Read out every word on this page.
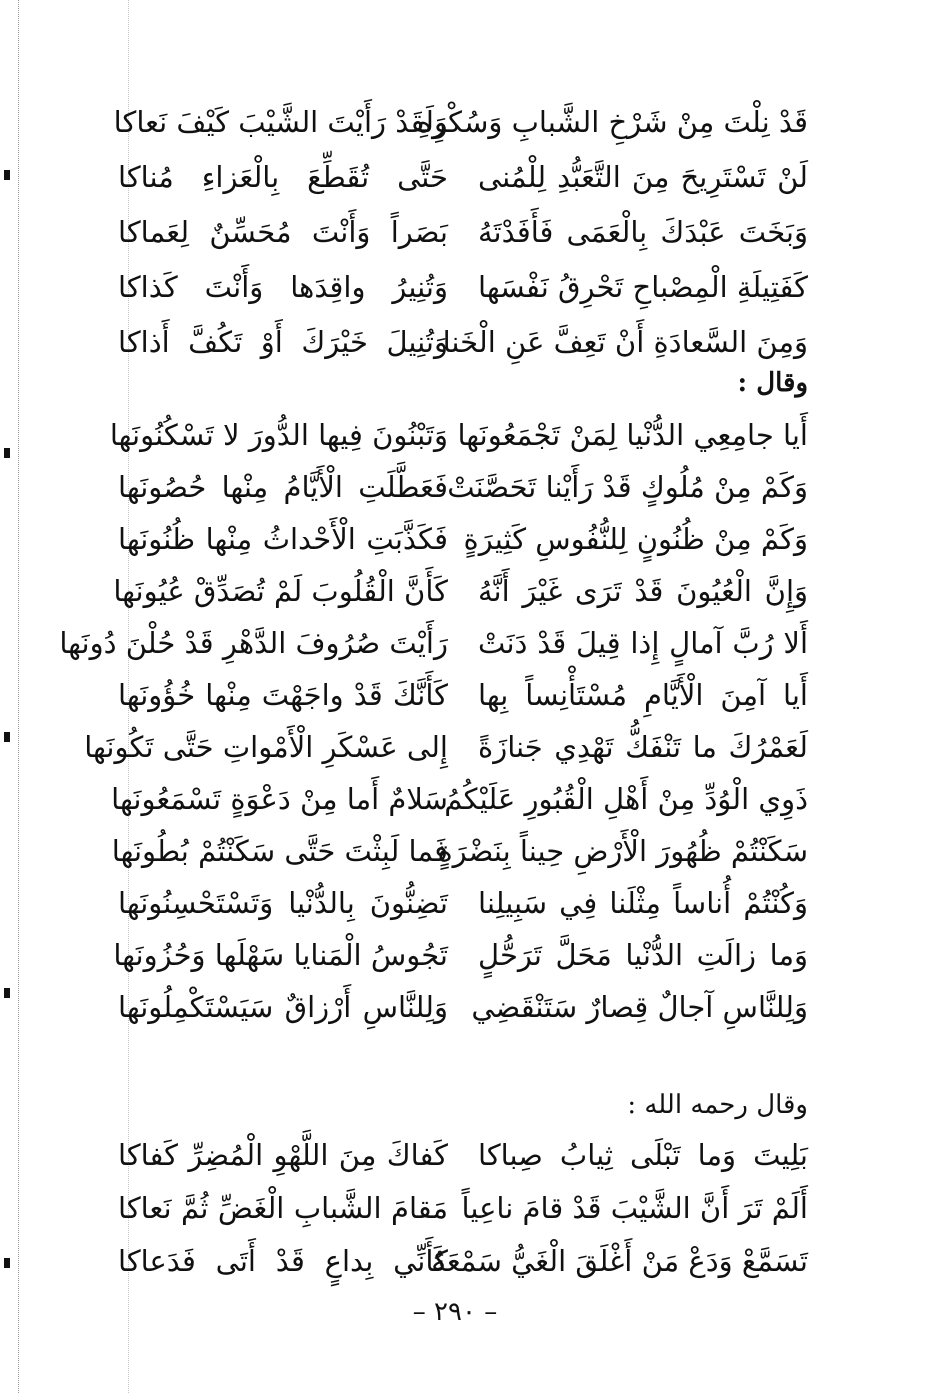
قَدْ نِلْتَ مِنْ شَرْخِ الشَّبابِ وَسُكْرِهِ
وَلَقَدْ رَأَيْتَ الشَّيْبَ كَيْفَ نَعاكا
لَنْ تَسْتَرِيحَ مِنَ التَّعَبُّدِ لِلْمُنى
حَتَّى تُقَطِّعَ بِالْعَزاءِ مُناكا
وَبَخَتَ عَبْدَكَ بِالْعَمَى فَأَفَدْتَهُ
بَصَراً وَأَنْتَ مُحَسِّنٌ لِعَماكا
كَفَتِيلَةِ الْمِصْباحِ تَحْرِقُ نَفْسَها
وَتُنِيرُ واقِدَها وَأَنْتَ كَذاكا
وَمِنَ السَّعادَةِ أَنْ تَعِفَّ عَنِ الْخَنا
وَتُنِيلَ خَيْرَكَ أَوْ تَكُفَّ أَذاكا
وقال :
أَيا جامِعِي الدُّنْيا لِمَنْ تَجْمَعُونَها
وَتَبْنُونَ فِيها الدُّورَ لا تَسْكُنُونَها
وَكَمْ مِنْ مُلُوكٍ قَدْ رَأَيْنا تَحَصَّنَتْ
فَعَطَّلَتِ الْأَيَّامُ مِنْها حُصُونَها
وَكَمْ مِنْ ظُنُونٍ لِلنُّفُوسِ كَثِيرَةٍ
فَكَذَّبَتِ الْأَحْداثُ مِنْها ظُنُونَها
وَإِنَّ الْعُيُونَ قَدْ تَرَى غَيْرَ أَنَّهُ
كَأَنَّ الْقُلُوبَ لَمْ تُصَدِّقْ عُيُونَها
أَلا رُبَّ آمالٍ إِذا قِيلَ قَدْ دَنَتْ
رَأَيْتَ صُرُوفَ الدَّهْرِ قَدْ حُلْنَ دُونَها
أَيا آمِنَ الْأَيَّامِ مُسْتَأْنِساً بِها
كَأَنَّكَ قَدْ واجَهْتَ مِنْها خُؤُونَها
لَعَمْرُكَ ما تَنْفَكُّ تَهْدِي جَنازَةً
إِلى عَسْكَرِ الْأَمْواتِ حَتَّى تَكُونَها
ذَوِي الْوُدِّ مِنْ أَهْلِ الْقُبُورِ عَلَيْكُمُ
سَلامٌ أَما مِنْ دَعْوَةٍ تَسْمَعُونَها
سَكَنْتُمْ ظُهُورَ الْأَرْضِ حِيناً بِنَضْرَةٍ
فَما لَبِثْتَ حَتَّى سَكَنْتُمْ بُطُونَها
وَكُنْتُمْ أُناساً مِثْلَنا فِي سَبِيلِنا
تَضِنُّونَ بِالدُّنْيا وَتَسْتَحْسِنُونَها
وَما زالَتِ الدُّنْيا مَحَلَّ تَرَحُّلٍ
تَجُوسُ الْمَنايا سَهْلَها وَحُزُونَها
وَلِلنَّاسِ آجالٌ قِصارٌ سَتَنْقَضِي
وَلِلنَّاسِ أَرْزاقٌ سَيَسْتَكْمِلُونَها
وقال رحمه الله :
بَلِيتَ وَما تَبْلَى ثِيابُ صِباكا
كَفاكَ مِنَ اللَّهْوِ الْمُضِرِّ كَفاكا
أَلَمْ تَرَ أَنَّ الشَّيْبَ قَدْ قامَ ناعِياً
مَقامَ الشَّبابِ الْغَضِّ ثُمَّ نَعاكا
تَسَمَّعْ وَدَعْ مَنْ أَغْلَقَ الْغَيُّ سَمْعَهُ
كَأَنِّي بِداعٍ قَدْ أَتَى فَدَعاكا
– ٢٩٠ –
